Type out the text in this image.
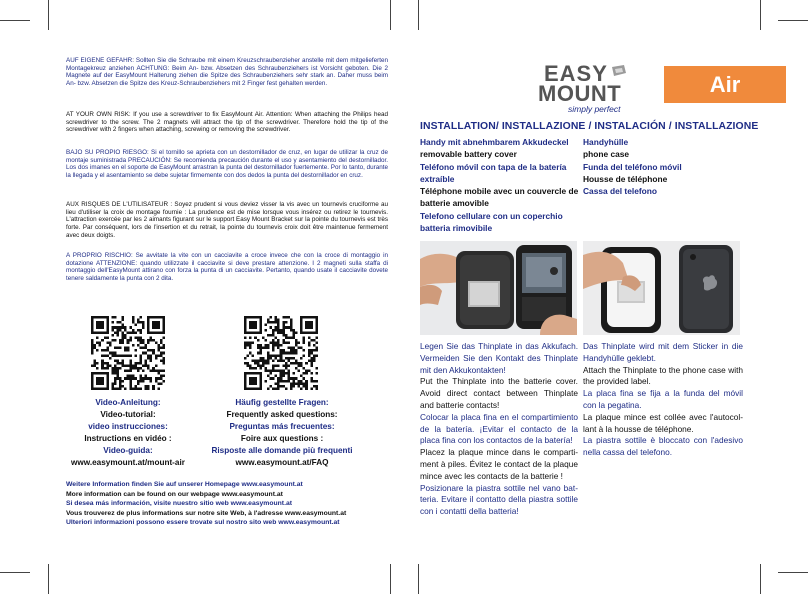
AUF EIGENE GEFAHR: Sollten Sie die Schraube mit einem Kreuzschraubenzieher anstelle mit dem mitgelieferten Montagekreuz anziehen ACHTUNG: Beim An- bzw. Absetzen des Schraubenziehers ist Vorsicht geboten. Die 2 Magnete auf der EasyMount Halterung ziehen die Spitze des Schraubenziehers sehr stark an. Daher muss beim An- bzw. Absetzen die Spitze des Kreuz-Schraubenziehers mit 2 Finger fest gehalten werden.
AT YOUR OWN RISK: If you use a screwdriver to fix EasyMount Air. Attention: When attaching the Philips head screwdriver to the screw. The 2 magnets will attract the tip of the screwdriver. Therefore hold the tip of the screwdriver with 2 fingers when attaching, screwing or removing the screwdriver.
BAJO SU PROPIO RIESGO: Si el tornillo se aprieta con un destornillador de cruz, en lugar de utilizar la cruz de montaje suministrada PRECAUCIÓN: Se recomienda precaución durante el uso y asentamiento del destornillador. Los dos imanes en el soporte de EasyMount arrastran la punta del destornillador fuertemente. Por lo tanto, durante la llegada y el asentamiento se debe sujetar firmemente con dos dedos la punta del destornillador en cruz.
AUX RISQUES DE L'UTILISATEUR : Soyez prudent si vous deviez visser la vis avec un tournevis cruciforme au lieu d'utiliser la croix de montage fournie : La prudence est de mise lorsque vous insérez ou retirez le tournevis. L'attraction exercée par les 2 aimants figurant sur le support Easy Mount Bracket sur la pointe du tournevis est très forte. Par conséquent, lors de l'insertion et du retrait, la pointe du tournevis croix doit être maintenue fermement avec deux doigts.
A PROPRIO RISCHIO: Se avvitate la vite con un cacciavite a croce invece che con la croce di montaggio in dotazione ATTENZIONE: quando utilizzate il cacciavite si deve prestare attenzione. I 2 magneti sulla staffa di montaggio dell'EasyMount attirano con forza la punta di un cacciavite. Pertanto, quando usate il cacciavite dovete tenere saldamente la punta con 2 dita.
Video-Anleitung:
Video-tutorial:
video instrucciones:
Instructions en vidéo :
Video-guida:
www.easymount.at/mount-air
Häufig gestellte Fragen:
Frequently asked questions:
Preguntas más frecuentes:
Foire aux questions :
Risposte alle domande più frequenti
www.easymount.at/FAQ
Weitere Information finden Sie auf unserer Homepage www.easymount.at
More information can be found on our webpage www.easymount.at
Si desea más información, visite nuestro sitio web www.easymount.at
Vous trouverez de plus informations sur notre site Web, à l'adresse www.easymount.at
Ulteriori informazioni possono essere trovate sul nostro sito web www.easymount.at
EASY
MOUNT
simply perfect
Air
INSTALLATION/ INSTALLAZIONE / INSTALACIÓN / INSTALLAZIONE
Handy mit abnehmbarem Akkudeckel
removable battery cover
Teléfono móvil con tapa de la batería extraíble
Téléphone mobile avec un couvercle de batterie amovible
Telefono cellulare con un coperchio batteria rimovibile
Handyhülle
phone case
Funda del teléfono móvil
Housse de téléphone
Cassa del telefono
Legen Sie das Thinplate in das Akkufach. Vermeiden Sie den Kontakt des Thinplate mit den Akkukontakten!
Put the Thinplate into the batterie cover. Avoid direct contact between Thinplate and batterie contacts!
Colocar la placa fina en el compartimiento de la batería. ¡Evitar el contacto de la placa fina con los contactos de la batería!
Placez la plaque mince dans le compartiment à piles. Évitez le contact de la plaque mince avec les contacts de la batterie !
Posizionare la piastra sottile nel vano batteria. Evitare il contatto della piastra sottile con i contatti della batteria!
Das Thinplate wird mit dem Sticker in die Handyhülle geklebt.
Attach the Thinplate to the phone case with the provided label.
La placa fina se fija a la funda del móvil con la pegatina.
La plaque mince est collée avec l'autocollant à la housse de téléphone.
La piastra sottile è bloccato con l'adesivo nella cassa del telefono.
